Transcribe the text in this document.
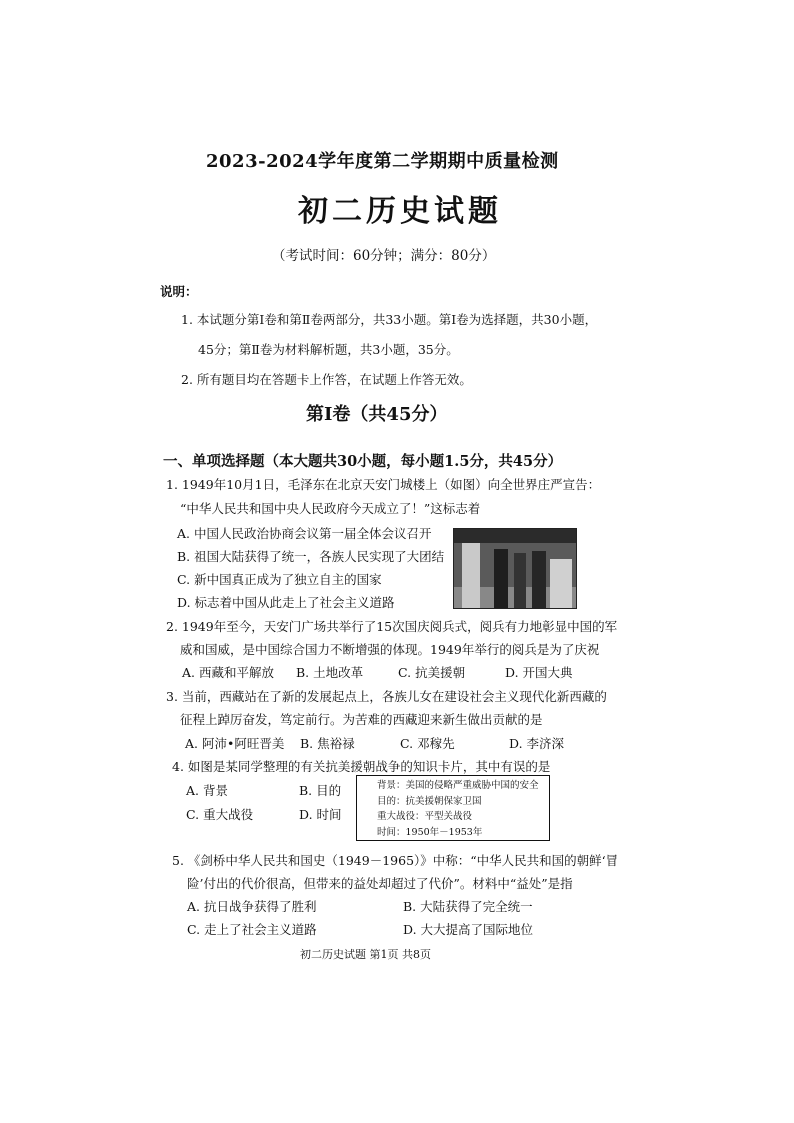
2023-2024学年度第二学期期中质量检测
初二历史试题
（考试时间：60分钟；满分：80分）
说明：
1. 本试题分第Ⅰ卷和第Ⅱ卷两部分，共33小题。第Ⅰ卷为选择题，共30小题，
45分；第Ⅱ卷为材料解析题，共3小题，35分。
2. 所有题目均在答题卡上作答，在试题上作答无效。
第Ⅰ卷（共45分）
一、单项选择题（本大题共30小题，每小题1.5分，共45分）
1. 1949年10月1日，毛泽东在北京天安门城楼上（如图）向全世界庄严宣告：
“中华人民共和国中央人民政府今天成立了！”这标志着
A. 中国人民政治协商会议第一届全体会议召开
B. 祖国大陆获得了统一，各族人民实现了大团结
C. 新中国真正成为了独立自主的国家
D. 标志着中国从此走上了社会主义道路
2. 1949年至今，天安门广场共举行了15次国庆阅兵式，阅兵有力地彰显中国的军
威和国威，是中国综合国力不断增强的体现。1949年举行的阅兵是为了庆祝
A. 西藏和平解放 B. 土地改革	C. 抗美援朝	D. 开国大典
3. 当前，西藏站在了新的发展起点上，各族儿女在建设社会主义现代化新西藏的
征程上踔厉奋发，笃定前行。为苦难的西藏迎来新生做出贡献的是
A. 阿沛•阿旺晋美 B. 焦裕禄	C. 邓稼先	D. 李济深
4. 如图是某同学整理的有关抗美援朝战争的知识卡片，其中有误的是
A. 背景	B. 目的
C. 重大战役	D. 时间
背景：美国的侵略严重威胁中国的安全
目的：抗美援朝保家卫国
重大战役：平型关战役
时间：1950年－1953年
5. 《剑桥中华人民共和国史（1949－1965）》中称：“中华人民共和国的朝鲜‘冒
险’付出的代价很高，但带来的益处却超过了代价”。材料中“益处”是指
A. 抗日战争获得了胜利	B. 大陆获得了完全统一
C. 走上了社会主义道路	D. 大大提高了国际地位
初二历史试题 第1页 共8页
